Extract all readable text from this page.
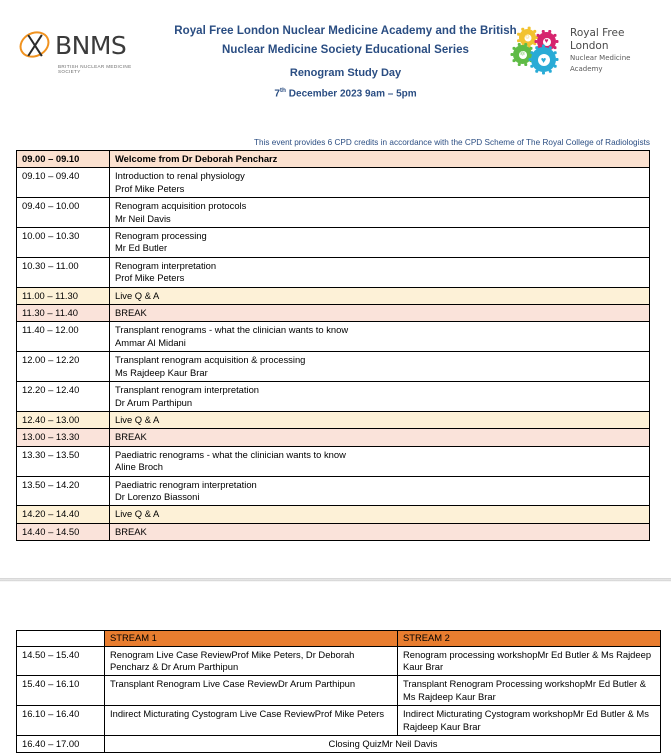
BNMS
BRITISH NUCLEAR MEDICINE SOCIETY
Royal Free London Nuclear Medicine Academy and the British
Nuclear Medicine Society Educational Series
Renogram Study Day
7th December 2023 9am – 5pm
☺
♥
⚛
♥
Royal Free London
Nuclear Medicine Academy
This event provides 6 CPD credits in accordance with the CPD Scheme of The Royal College of Radiologists
09.00 – 09.10	Welcome from Dr Deborah Pencharz
09.10 – 09.40	Introduction to renal physiology
Prof Mike Peters

09.40 – 10.00	Renogram acquisition protocols
Mr Neil Davis

10.00 – 10.30	Renogram processing
Mr Ed Butler

10.30 – 11.00	Renogram interpretation
Prof Mike Peters

11.00 – 11.30	Live Q & A
11.30 – 11.40	BREAK
11.40 – 12.00	Transplant renograms - what the clinician wants to know
Ammar Al Midani

12.00 – 12.20	Transplant renogram acquisition & processing
Ms Rajdeep Kaur Brar

12.20 – 12.40	Transplant renogram interpretation
Dr Arum Parthipun

12.40 – 13.00	Live Q & A
13.00 – 13.30	BREAK
13.30 – 13.50	Paediatric renograms - what the clinician wants to know
Aline Broch

13.50 – 14.20	Paediatric renogram interpretation
Dr Lorenzo Biassoni

14.20 – 14.40	Live Q & A
14.40 – 14.50	BREAK
	STREAM 1	STREAM 2
14.50 – 15.40	Renogram Live Case ReviewProf Mike Peters, Dr Deborah Pencharz & Dr Arum Parthipun	Renogram processing workshopMr Ed Butler & Ms Rajdeep Kaur Brar
15.40 – 16.10	Transplant Renogram Live Case ReviewDr Arum Parthipun	Transplant Renogram Processing workshopMr Ed Butler & Ms Rajdeep Kaur Brar
16.10 – 16.40	Indirect Micturating Cystogram Live Case ReviewProf Mike Peters	Indirect Micturating Cystogram workshopMr Ed Butler & Ms Rajdeep Kaur Brar
16.40 – 17.00	Closing QuizMr Neil Davis	
